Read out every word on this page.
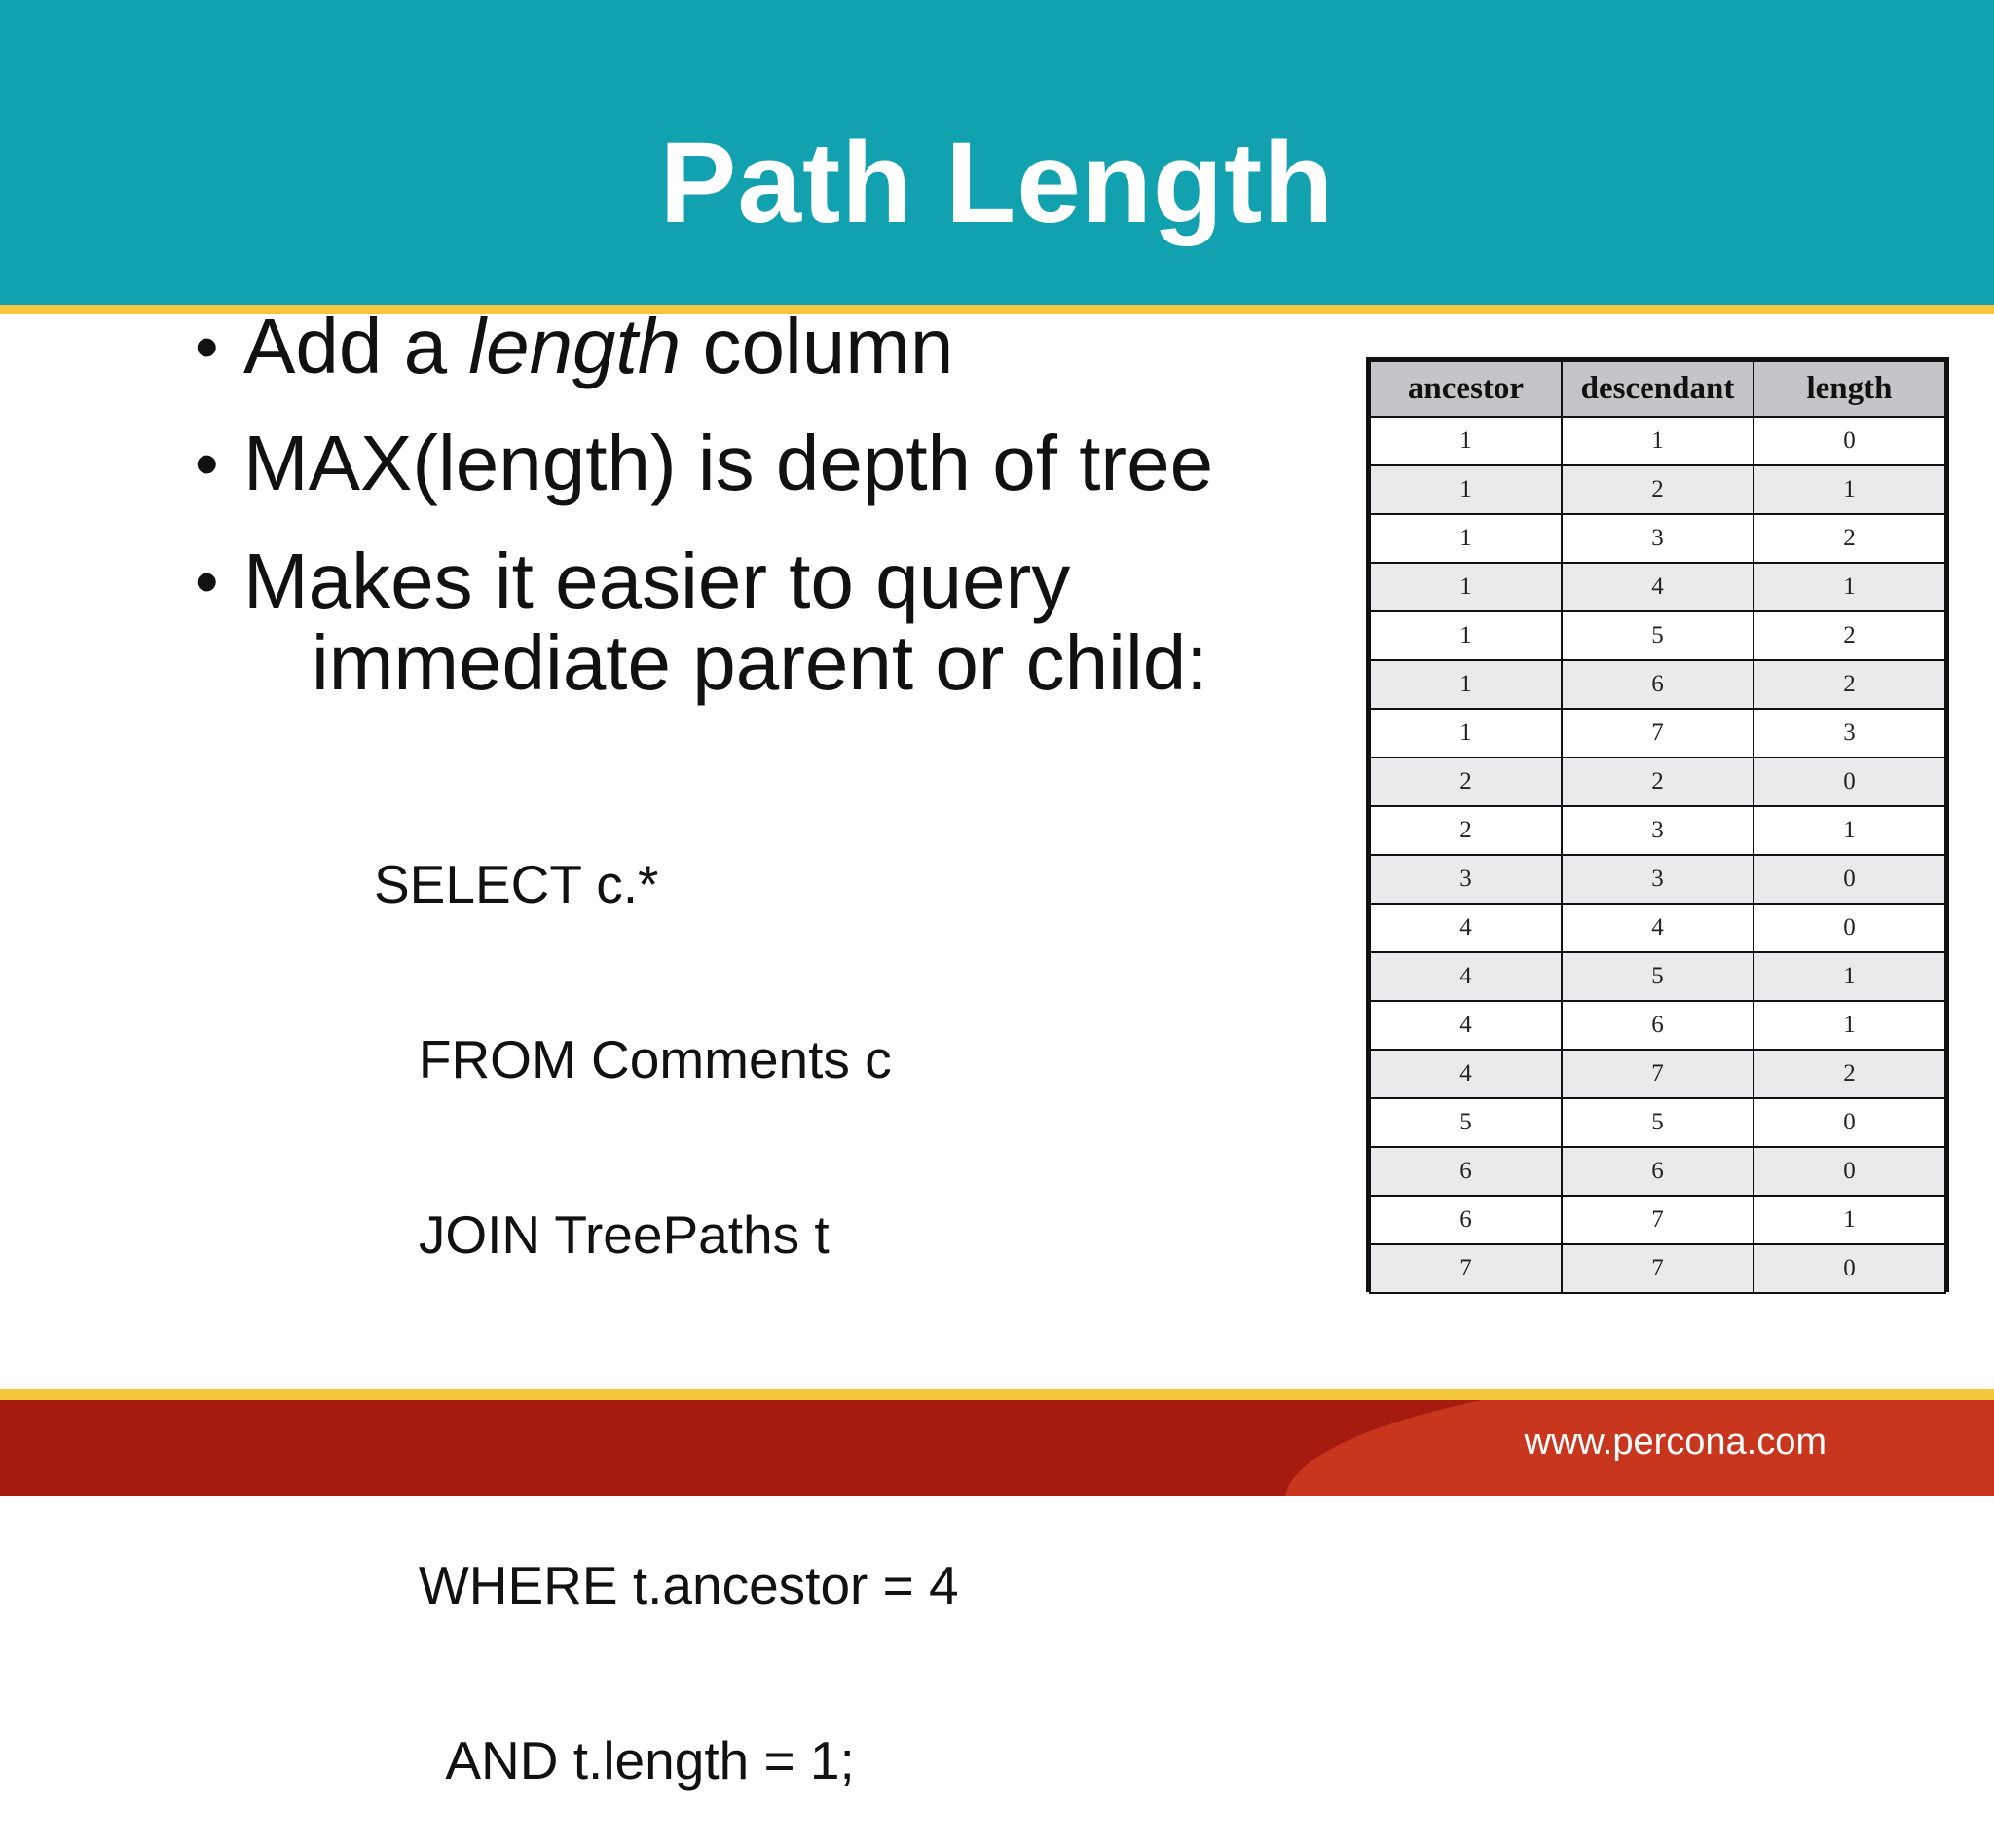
Path Length
• Add a length column
• MAX(length) is depth of tree
• Makes it easier to query
immediate parent or child:

SELECT c.*

FROM Comments c

JOIN TreePaths t

WHERE t.ancestor = 4

AND t.length = 1;

ancestor	descendant	length
1	1	0
1	2	1
1	3	2
1	4	1
1	5	2
1	6	2
1	7	3
2	2	0
2	3	1
3	3	0
4	4	0
4	5	1
4	6	1
4	7	2
5	5	0
6	6	0
6	7	1
7	7	0
www.percona.com
